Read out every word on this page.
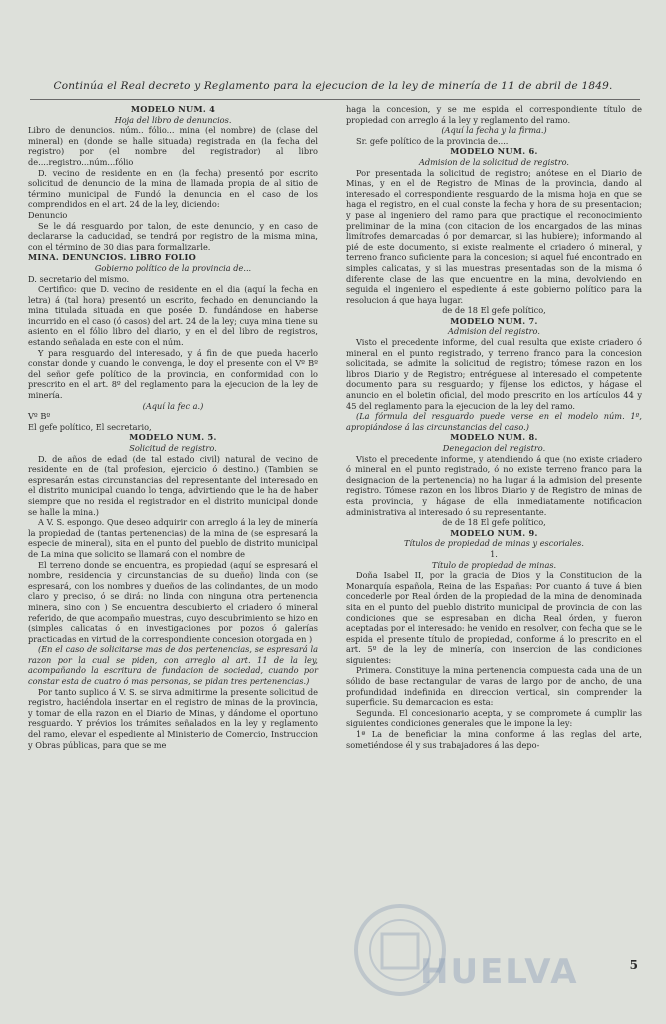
Continúa el Real decreto y Reglamento para la ejecucion de la ley de minería de 11 de abril de 1849.

MODELO NUM. 4

Hoja del libro de denuncios.

Libro de denuncios. núm.. fólio... mina (el nombre) de (clase del mineral) en (donde se halle situada) registrada en (la fecha del registro) por (el nombre del registrador) al libro de....registro...núm...fólio

D. vecino de residente en en (la fecha) presentó por escrito solicitud de denuncio de la mina de llamada propia de al sitio de término municipal de Fundó la denuncia en el caso de los comprendidos en el art. 24 de la ley, diciendo:

Denuncio

Se le dá resguardo por talon, de este denuncio, y en caso de declararse la caducidad, se tendrá por registro de la misma mina, con el término de 30 dias para formalizarle.

MINA. DENUNCIOS. LIBRO FOLIO

Gobierno político de la provincia de...

D. secretario del mismo.

Certifico: que D. vecino de residente en el dia (aquí la fecha en letra) á (tal hora) presentó un escrito, fechado en denunciando la mina titulada situada en que posée D. fundándose en haberse incurrido en el caso (ó casos) del art. 24 de la ley; cuya mina tiene su asiento en el fólio libro del diario, y en el del libro de registros, estando señalada en este con el núm.

Y para resguardo del interesado, y á fin de que pueda hacerlo constar donde y cuando le convenga, le doy el presente con el Vº Bº del señor gefe político de la provincia, en conformidad con lo prescrito en el art. 8º del reglamento para la ejecucion de la ley de minería.

(Aquí la fec a.)

Vº Bº

El gefe político, El secretario,

MODELO NUM. 5.

Solicitud de registro.

D. de años de edad (de tal estado civil) natural de vecino de residente en de (tal profesion, ejercicio ó destino.) (Tambien se espresarán estas circunstancias del representante del interesado en el distrito municipal cuando lo tenga, advirtiendo que le ha de haber siempre que no resida el registrador en el distrito municipal donde se halle la mina.)

A V. S. espongo. Que deseo adquirir con arreglo á la ley de minería la propiedad de (tantas pertenencias) de la mina de (se espresará la especie de mineral), sita en el punto del pueblo de distrito municipal de La mina que solicito se llamará con el nombre de

El terreno donde se encuentra, es propiedad (aquí se espresará el nombre, residencia y circunstancias de su dueño) linda con (se espresará, con los nombres y dueños de las colindantes, de un modo claro y preciso, ó se dirá: no linda con ninguna otra pertenencia minera, sino con ) Se encuentra descubierto el criadero ó mineral referido, de que acompaño muestras, cuyo descubrimiento se hizo en (simples calicatas ó en investigaciones por pozos ó galerías practicadas en virtud de la correspondiente concesion otorgada en )

(En el caso de solicitarse mas de dos pertenencias, se espresará la razon por la cual se piden, con arreglo al art. 11 de la ley, acompañando la escritura de fundacion de sociedad, cuando por constar esta de cuatro ó mas personas, se pidan tres pertenencias.)

Por tanto suplico á V. S. se sirva admitirme la presente solicitud de registro, haciéndola insertar en el registro de minas de la provincia, y tomar de ella razon en el Diario de Minas, y dándome el oportuno resguardo. Y prévios los trámites señalados en la ley y reglamento del ramo, elevar el espediente al Ministerio de Comercio, Instruccion y Obras públicas, para que se me

haga la concesion, y se me espida el correspondiente título de propiedad con arreglo á la ley y reglamento del ramo.

(Aquí la fecha y la firma.)

Sr. gefe político de la provincia de....

MODELO NUM. 6.

Admision de la solicitud de registro.

Por presentada la solicitud de registro; anótese en el Diario de Minas, y en el de Registro de Minas de la provincia, dando al interesado el correspondiente resguardo de la misma hoja en que se haga el registro, en el cual conste la fecha y hora de su presentacion; y pase al ingeniero del ramo para que practique el reconocimiento preliminar de la mina (con citacion de los encargados de las minas limítrofes demarcadas ó por demarcar, si las hubiere); informando al pié de este documento, si existe realmente el criadero ó mineral, y terreno franco suficiente para la concesion; si aquel fué encontrado en simples calicatas, y si las muestras presentadas son de la misma ó diferente clase de las que encuentre en la mina, devolviendo en seguida el ingeniero el espediente á este gobierno político para la resolucion á que haya lugar.

de de 18 El gefe político,

MODELO NUM. 7.

Admision del registro.

Visto el precedente informe, del cual resulta que existe criadero ó mineral en el punto registrado, y terreno franco para la concesion solicitada, se admite la solicitud de registro; tómese razon en los libros Diario y de Registro; entréguese al interesado el competente documento para su resguardo; y fíjense los edictos, y hágase el anuncio en el boletin oficial, del modo prescrito en los artículos 44 y 45 del reglamento para la ejecucion de la ley del ramo.

(La fórmula del resguardo puede verse en el modelo núm. 1º, apropiándose á las circunstancias del caso.)

MODELO NUM. 8.

Denegacion del registro.

Visto el precedente informe, y atendiendo á que (no existe criadero ó mineral en el punto registrado, ó no existe terreno franco para la designacion de la pertenencia) no ha lugar á la admision del presente registro. Tómese razon en los libros Diario y de Registro de minas de esta provincia, y hágase de ella inmediatamente notificacion administrativa al interesado ó su representante.

de de 18 El gefe político,

MODELO NUM. 9.

Títulos de propiedad de minas y escoriales.

1.

Título de propiedad de minas.

Doña Isabel II, por la gracia de Dios y la Constitucion de la Monarquía española, Reina de las Españas: Por cuanto á tuve á bien concederle por Real órden de la propiedad de la mina de denominada sita en el punto del pueblo distrito municipal de provincia de con las condiciones que se espresaban en dicha Real órden, y fueron aceptadas por el interesado: he venido en resolver, con fecha que se le espida el presente título de propiedad, conforme á lo prescrito en el art. 5º de la ley de minería, con insercion de las condiciones siguientes:

Primera. Constituye la mina pertenencia compuesta cada una de un sólido de base rectangular de varas de largo por de ancho, de una profundidad indefinida en direccion vertical, sin comprender la superficie. Su demarcacion es esta:

Segunda. El concesionario acepta, y se compromete á cumplir las siguientes condiciones generales que le impone la ley:

1ª La de beneficiar la mina conforme á las reglas del arte, sometiéndose él y sus trabajadores á las depo-

HUELVA	5
